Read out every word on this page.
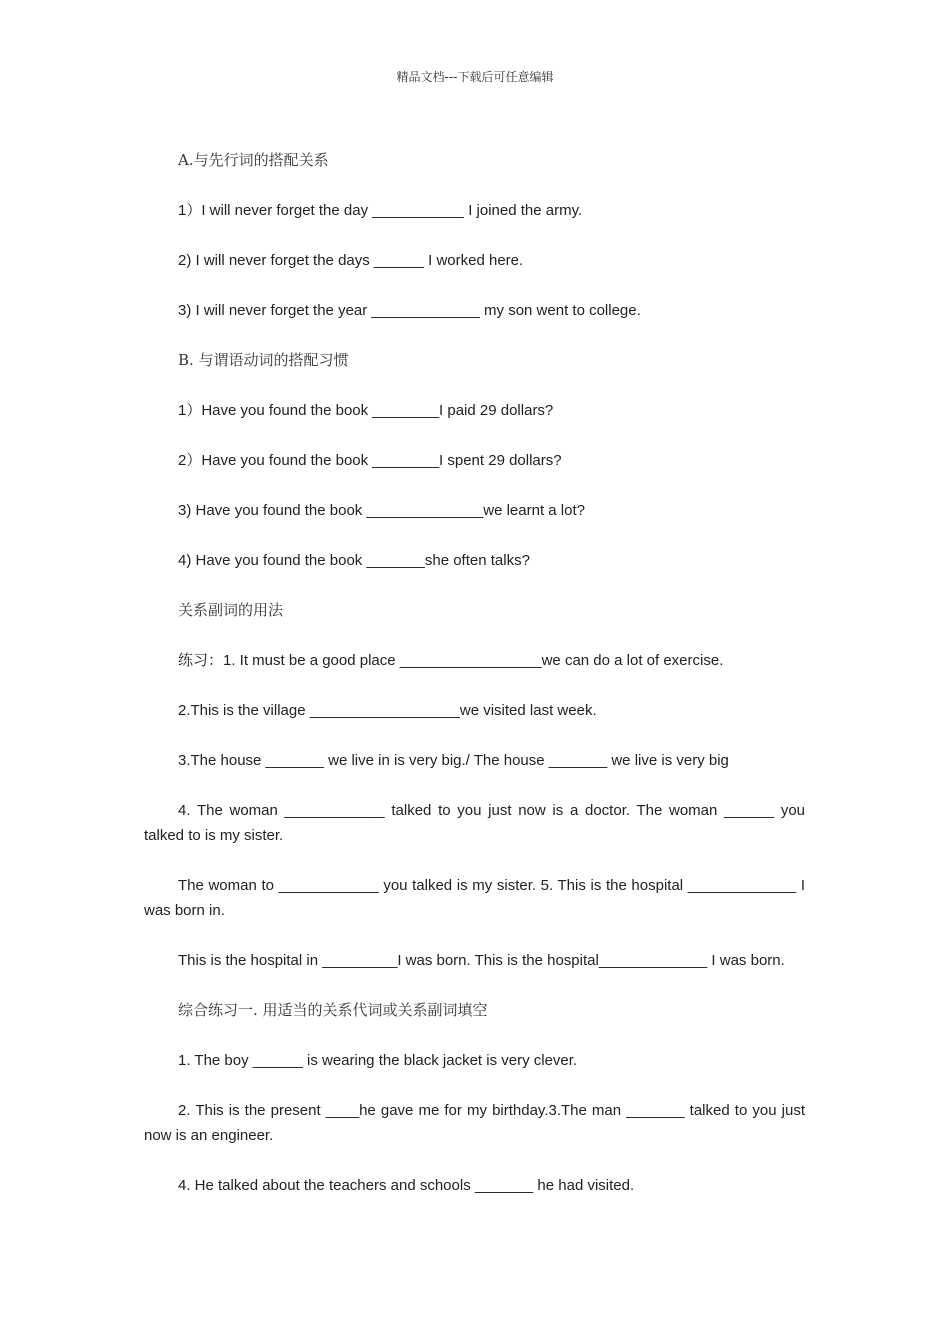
精品文档---下载后可任意编辑

A.与先行词的搭配关系

1）I will never forget the day ___________ I joined the army.

2) I will never forget the days ______ I worked here.

3) I will never forget the year _____________ my son went to college.

B. 与谓语动词的搭配习惯

1）Have you found the book ________I paid 29 dollars?

2）Have you found the book ________I spent 29 dollars?

3) Have you found the book ______________we learnt a lot?

4) Have you found the book _______she often talks?

关系副词的用法

练习：1. It must be a good place _________________we can do a lot of exercise.

2.This is the village __________________we visited last week.

3.The house _______ we live in is very big./ The house _______ we live is very big

4. The woman ____________ talked to you just now is a doctor. The woman ______ you talked to is my sister.

The woman to ____________ you talked is my sister. 5. This is the hospital _____________ I was born in.

This is the hospital in _________I was born. This is the hospital_____________ I was born.

综合练习一. 用适当的关系代词或关系副词填空

1. The boy ______ is wearing the black jacket is very clever.

2. This is the present ____he gave me for my birthday.3.The man _______ talked to you just now is an engineer.

4. He talked about the teachers and schools _______ he had visited.
